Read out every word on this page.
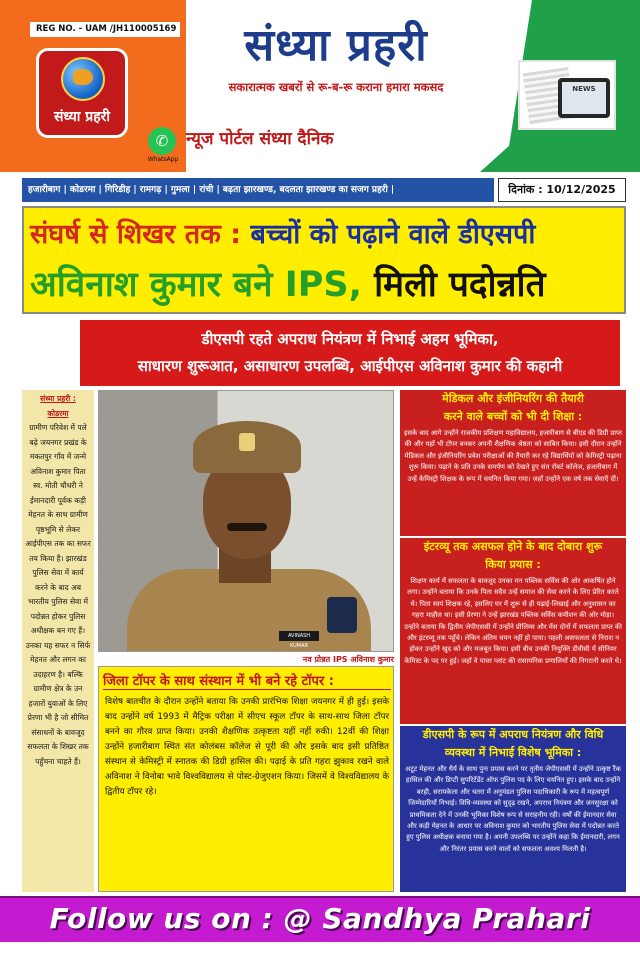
REG NO. - UAM /JH110005169
संध्या प्रहरी
संध्या प्रहरी
सकारात्मक खबरों से रू-ब-रू कराना हमारा मकसद
✆
WhatsApp
न्यूज पोर्टल संध्या दैनिक
NEWS
हजारीबाग | कोडरमा | गिरिडीह | रामगढ़ | गुमला | रांची | बढ़ता झारखण्ड, बदलता झारखण्ड का सजग प्रहरी |	दिनांक : 10/12/2025
संघर्ष से शिखर तक : बच्चों को पढ़ाने वाले डीएसपी
अविनाश कुमार बने IPS, मिली पदोन्नति
डीएसपी रहते अपराध नियंत्रण में निभाई अहम भूमिका,
साधारण शुरूआत, असाधारण उपलब्धि, आईपीएस अविनाश कुमार की कहानी
संध्या प्रहरी :
कोडरमा
ग्रामीण परिवेश में पले बढ़े जयनगर प्रखंड के मकतपुर गाँव में जन्मे अविनाश कुमार पिता स्व. मोती चौधरी ने ईमानदारी पूर्वक कड़ी मेहनत के साथ ग्रामीण पृष्ठभूमि से लेकर आईपीएस तक का सफर तय किया है। झारखंड पुलिस सेवा में कार्य करने के बाद अब भारतीय पुलिस सेवा में पदोन्नत होकर पुलिस अधीक्षक बन गए हैं। उनका यह सफर न सिर्फ मेहनत और लगन का उदाहरण है। बल्कि ग्रामीण क्षेत्र के उन हजारों युवाओं के लिए प्रेरणा भी है जो सीमित संसाधनों के बावजूद सफलता के शिखर तक पहुँचना चाहते हैं।
AVINASH KUMAR
नव प्रोन्नत IPS अविनाश कुमार
जिला टॉपर के साथ संस्थान में भी बने रहे टॉपर :
विशेष बातचीत के दौरान उन्होंने बताया कि उनकी प्रारंभिक शिक्षा जयनगर में ही हुई। इसके बाद उन्होंने वर्ष 1993 में मैट्रिक परीक्षा में सीएच स्कूल टॉपर के साथ-साथ जिला टॉपर बनने का गौरव प्राप्त किया। उनकी शैक्षणिक उत्कृष्टता यहीं नहीं रुकी। 12वीं की शिक्षा उन्होंने हजारीबाग स्थित संत कोलंबस कॉलेज से पूरी की और इसके बाद इसी प्रतिष्ठित संस्थान से केमिस्ट्री में स्नातक की डिग्री हासिल की। पढ़ाई के प्रति गहरा झुकाव रखने वाले अविनाश ने विनोबा भावे विश्वविद्यालय से पोस्ट-ग्रेजुएशन किया। जिसमें वे विश्वविद्यालय के द्वितीय टॉपर रहे।
मेडिकल और इंजीनियरिंग की तैयारी
करने वाले बच्चों को भी दी शिक्षा :
इसके बाद आगे उन्होंने राजकीय प्रशिक्षण महाविद्यालय, हजारीबाग से बीएड की डिग्री प्राप्त की और यहाँ भी टॉपर बनकर अपनी शैक्षणिक श्रेष्ठता को साबित किया। इसी दौरान उन्होंने मेडिकल और इंजीनियरिंग प्रवेश परीक्षाओं की तैयारी कर रहे विद्यार्थियों को केमिस्ट्री पढ़ाना शुरू किया। पढ़ाने के प्रति उनके समर्पण को देखते हुए संत रॉबर्ट कॉलेज, हजारीबाग में उन्हें केमिस्ट्री शिक्षक के रूप में चयनित किया गया। जहाँ उन्होंने एक वर्ष तक सेवाएँ दीं।
इंटरव्यू तक असफल होने के बाद दोबारा शुरू
किया प्रयास :
शिक्षण कार्य में सफलता के बावजूद उनका मन पब्लिक सर्विस की ओर आकर्षित होने लगा। उन्होंने बताया कि उनके पिता सदैव उन्हें समाज की सेवा करने के लिए प्रेरित करते थे। पिता स्वयं शिक्षक रहे, इसलिए घर में शुरू से ही पढ़ाई-लिखाई और अनुशासन का गहरा माहौल था। इसी प्रेरणा ने उन्हें झारखंड पब्लिक सर्विस कमीशन की ओर मोड़ा। उन्होंने बताया कि द्वितीय जेपीएससी में उन्होंने प्रीलिम्स और मेंस दोनों में सफलता प्राप्त की और इंटरव्यू तक पहुँचे। लेकिन अंतिम चयन नहीं हो पाया। पहली असफलता से निराश न होकर उन्होंने खुद को और मजबूत किया। इसी बीच उनकी नियुक्ति डीवीसी में सीनियर केमिस्ट के पद पर हुई। जहाँ वे पावर प्लांट की रासायनिक प्रणालियों की निगरानी करते थे।
डीएसपी के रूप में अपराध नियंत्रण और विधि
व्यवस्था में निभाई विशेष भूमिका :
अटूट मेहनत और धैर्य के साथ पुनः प्रयास करने पर तृतीय जेपीएससी में उन्होंने उत्कृष्ट रैंक हासिल की और डिप्टी सुपरिटेंडेंट ऑफ पुलिस पद के लिए चयनित हुए। इसके बाद उन्होंने बरही, सरायकेला और चतरा में अनुमंडल पुलिस पदाधिकारी के रूप में महत्वपूर्ण जिम्मेदारियाँ निभाई। विधि-व्यवस्था को सुदृढ़ रखने, अपराध नियंत्रण और जनसुरक्षा को प्राथमिकता देने में उनकी भूमिका विशेष रूप से सराहनीय रही। वर्षों की ईमानदार सेवा और कड़ी मेहनत के आधार पर अविनाश कुमार को भारतीय पुलिस सेवा में पदोन्नत करते हुए पुलिस अधीक्षक बनाया गया है। अपनी उपलब्धि पर उन्होंने कहा कि ईमानदारी, लगन और निरंतर प्रयास करने वालों को सफलता अवश्य मिलती है।
Follow us on : @ Sandhya Prahari
